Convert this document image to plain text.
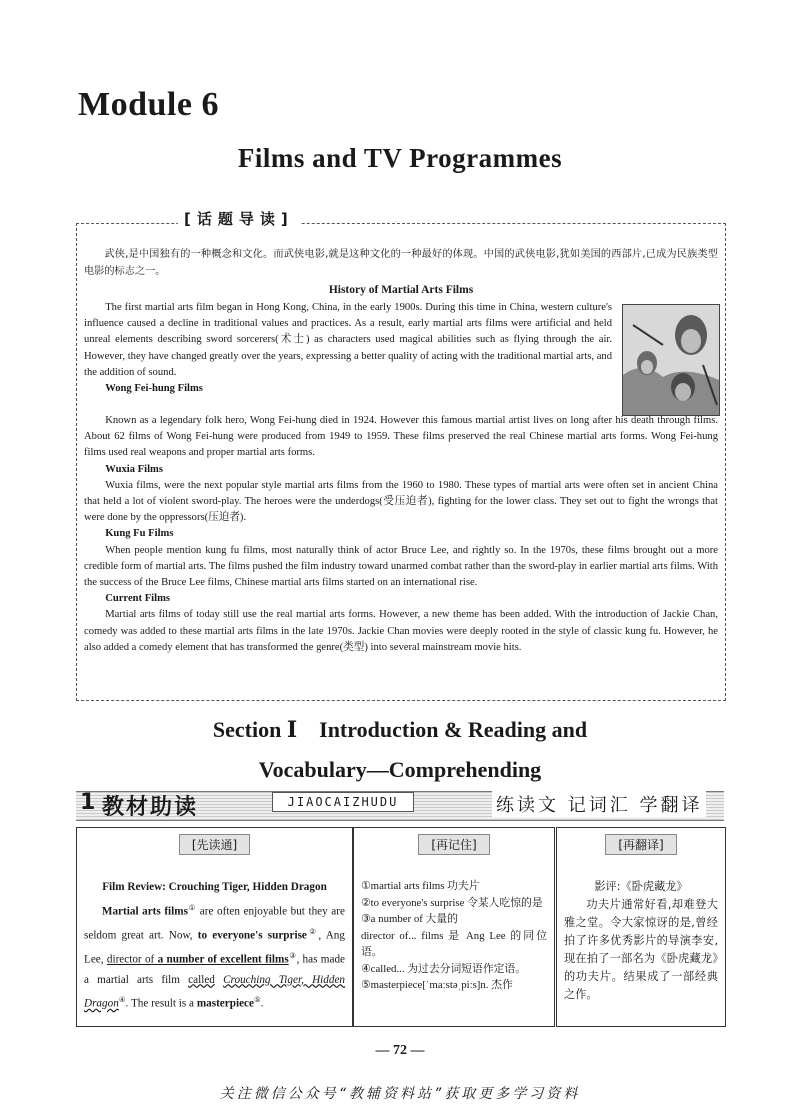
Module 6
Films and TV Programmes
[话题导读]

武侠,是中国独有的一种概念和文化。而武侠电影,就是这种文化的一种最好的体现。中国的武侠电影,犹如美国的西部片,已成为民族类型电影的标志之一。

History of Martial Arts Films

The first martial arts film began in Hong Kong, China, in the early 1900s. During this time in China, western culture's influence caused a decline in traditional values and practices. As a result, early martial arts films were artificial and held unreal elements describing sword sorcerers(术士) as characters used magical abilities such as flying through the air. However, they have changed greatly over the years, expressing a better quality of acting with the traditional martial arts, and the addition of sound.

Wong Fei-hung Films

Known as a legendary folk hero, Wong Fei-hung died in 1924. However this famous martial artist lives on long after his death through films. About 62 films of Wong Fei-hung were produced from 1949 to 1959. These films preserved the real Chinese martial arts forms. Wong Fei-hung films used real weapons and proper martial arts forms.

Wuxia Films

Wuxia films, were the next popular style martial arts films from the 1960 to 1980. These types of martial arts were often set in ancient China that held a lot of violent sword-play. The heroes were the underdogs(受压迫者), fighting for the lower class. They set out to fight the wrongs that were done by the oppressors(压迫者).

Kung Fu Films

When people mention kung fu films, most naturally think of actor Bruce Lee, and rightly so. In the 1970s, these films brought out a more credible form of martial arts. The films pushed the film industry toward unarmed combat rather than the sword-play in earlier martial arts films. With the success of the Bruce Lee films, Chinese martial arts films started on an international rise.

Current Films

Martial arts films of today still use the real martial arts forms. However, a new theme has been added. With the introduction of Jackie Chan, comedy was added to these martial arts films in the late 1970s. Jackie Chan movies were deeply rooted in the style of classic kung fu. However, he also added a comedy element that has transformed the genre(类型) into several mainstream movie hits.

Section Ⅰ    Introduction & Reading and
Vocabulary—Comprehending
1 教材助读	JIAOCAIZHUDU	练读文 记词汇 学翻译
[先读通]
Film Review: Crouching Tiger, Hidden Dragon
Martial arts films① are often enjoyable but they are seldom great art. Now, to everyone's surprise②, Ang Lee, director of a number of excellent films③, has made a martial arts film called Crouching Tiger, Hidden Dragon④. The result is a masterpiece⑤.
[再记住]
①martial arts films 功夫片
②to everyone's surprise 令某人吃惊的是
③a number of 大量的
director of... films 是 Ang Lee 的同位语。
④called... 为过去分词短语作定语。
⑤masterpiece[ˈmaːstəˌpiːs]n. 杰作
[再翻译]
影评:《卧虎藏龙》
功夫片通常好看,却难登大雅之堂。令大家惊讶的是,曾经拍了许多优秀影片的导演李安,现在拍了一部名为《卧虎藏龙》的功夫片。结果成了一部经典之作。
— 72 —
关注微信公众号“教辅资料站”获取更多学习资料
